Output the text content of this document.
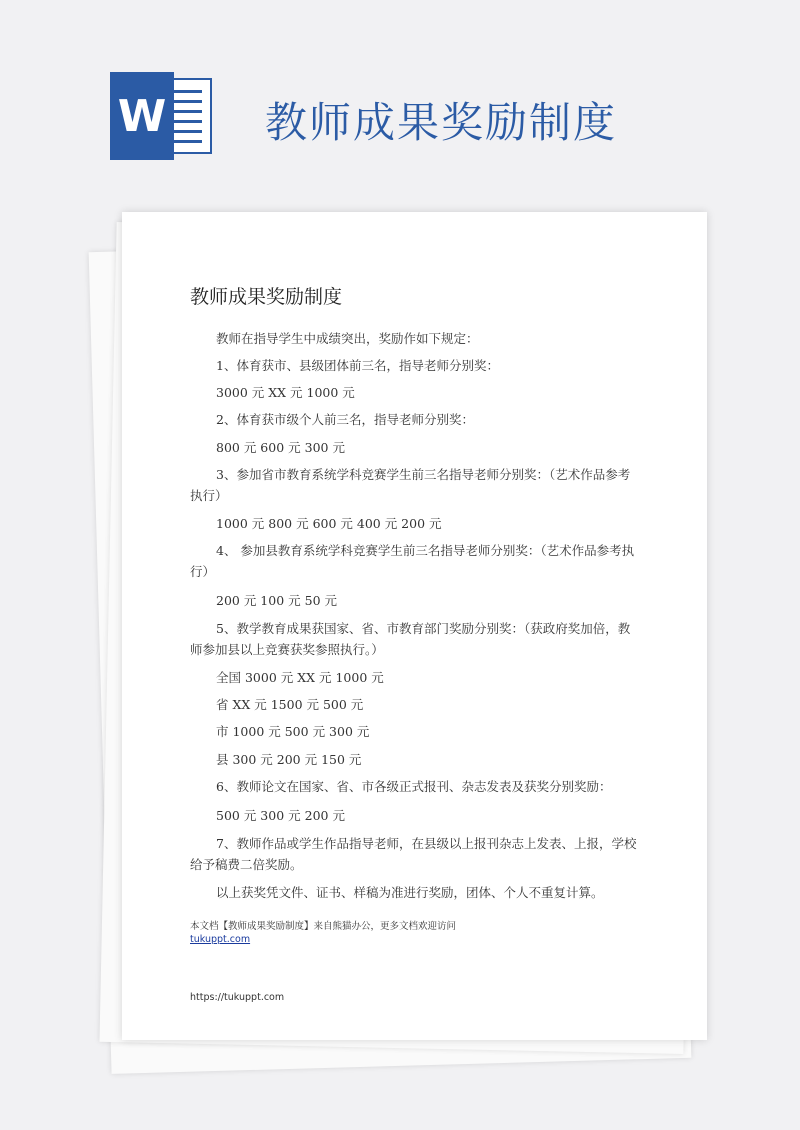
W 教师成果奖励制度
教师成果奖励制度

教师在指导学生中成绩突出，奖励作如下规定：

1、体育获市、县级团体前三名，指导老师分别奖：

3000 元 XX 元 1000 元

2、体育获市级个人前三名，指导老师分别奖：

800 元 600 元 300 元

3、参加省市教育系统学科竞赛学生前三名指导老师分别奖：（艺术作品参考执行）

1000 元 800 元 600 元 400 元 200 元

4、 参加县教育系统学科竞赛学生前三名指导老师分别奖：（艺术作品参考执行）

200 元 100 元 50 元

5、教学教育成果获国家、省、市教育部门奖励分别奖：（获政府奖加倍，教师参加县以上竞赛获奖参照执行。）

全国 3000 元 XX 元 1000 元

省 XX 元 1500 元 500 元

市 1000 元 500 元 300 元

县 300 元 200 元 150 元

6、教师论文在国家、省、市各级正式报刊、杂志发表及获奖分别奖励：

500 元 300 元 200 元

7、教师作品或学生作品指导老师，在县级以上报刊杂志上发表、上报，学校给予稿费二倍奖励。

以上获奖凭文件、证书、样稿为准进行奖励，团体、个人不重复计算。

本文档【教师成果奖励制度】来自熊猫办公，更多文档欢迎访问
tukuppt.com
https://tukuppt.com
